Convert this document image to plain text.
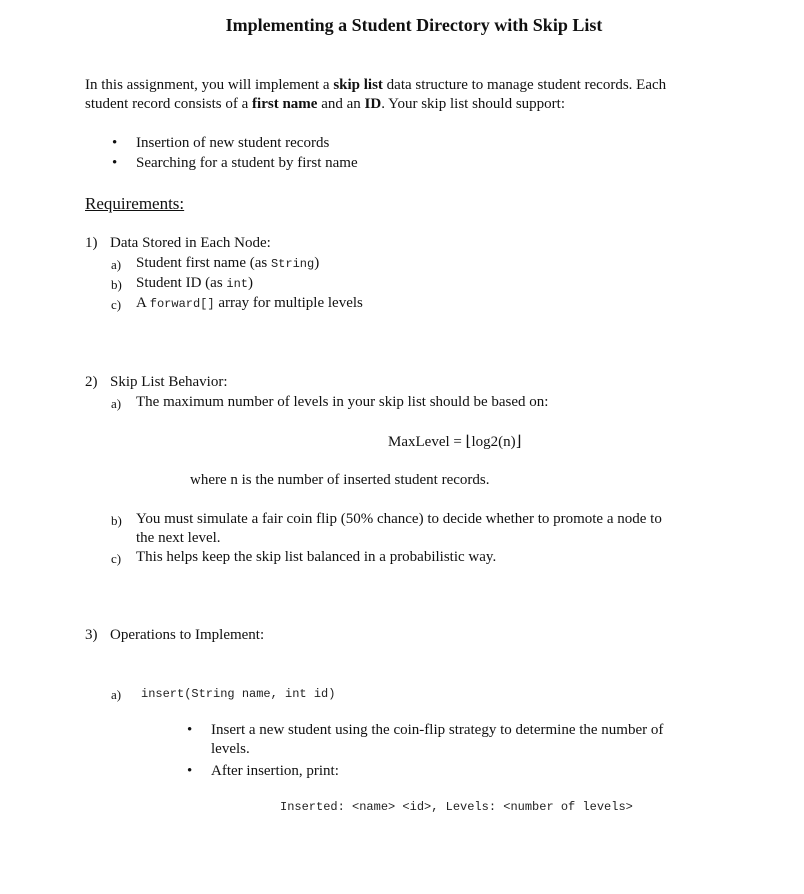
Implementing a Student Directory with Skip List
In this assignment, you will implement a skip list data structure to manage student records. Each
student record consists of a first name and an ID. Your skip list should support:
• Insertion of new student records
• Searching for a student by first name
Requirements:
1) Data Stored in Each Node:
a) Student first name (as String)
b) Student ID (as int)
c) A forward[] array for multiple levels
2) Skip List Behavior:
a) The maximum number of levels in your skip list should be based on:
MaxLevel = ⌊log2(n)⌋
where n is the number of inserted student records.
b) You must simulate a fair coin flip (50% chance) to decide whether to promote a node to
the next level.
c) This helps keep the skip list balanced in a probabilistic way.
3) Operations to Implement:
a) insert(String name, int id)
• Insert a new student using the coin-flip strategy to determine the number of
levels.
• After insertion, print:
Inserted: <name> <id>, Levels: <number of levels>
